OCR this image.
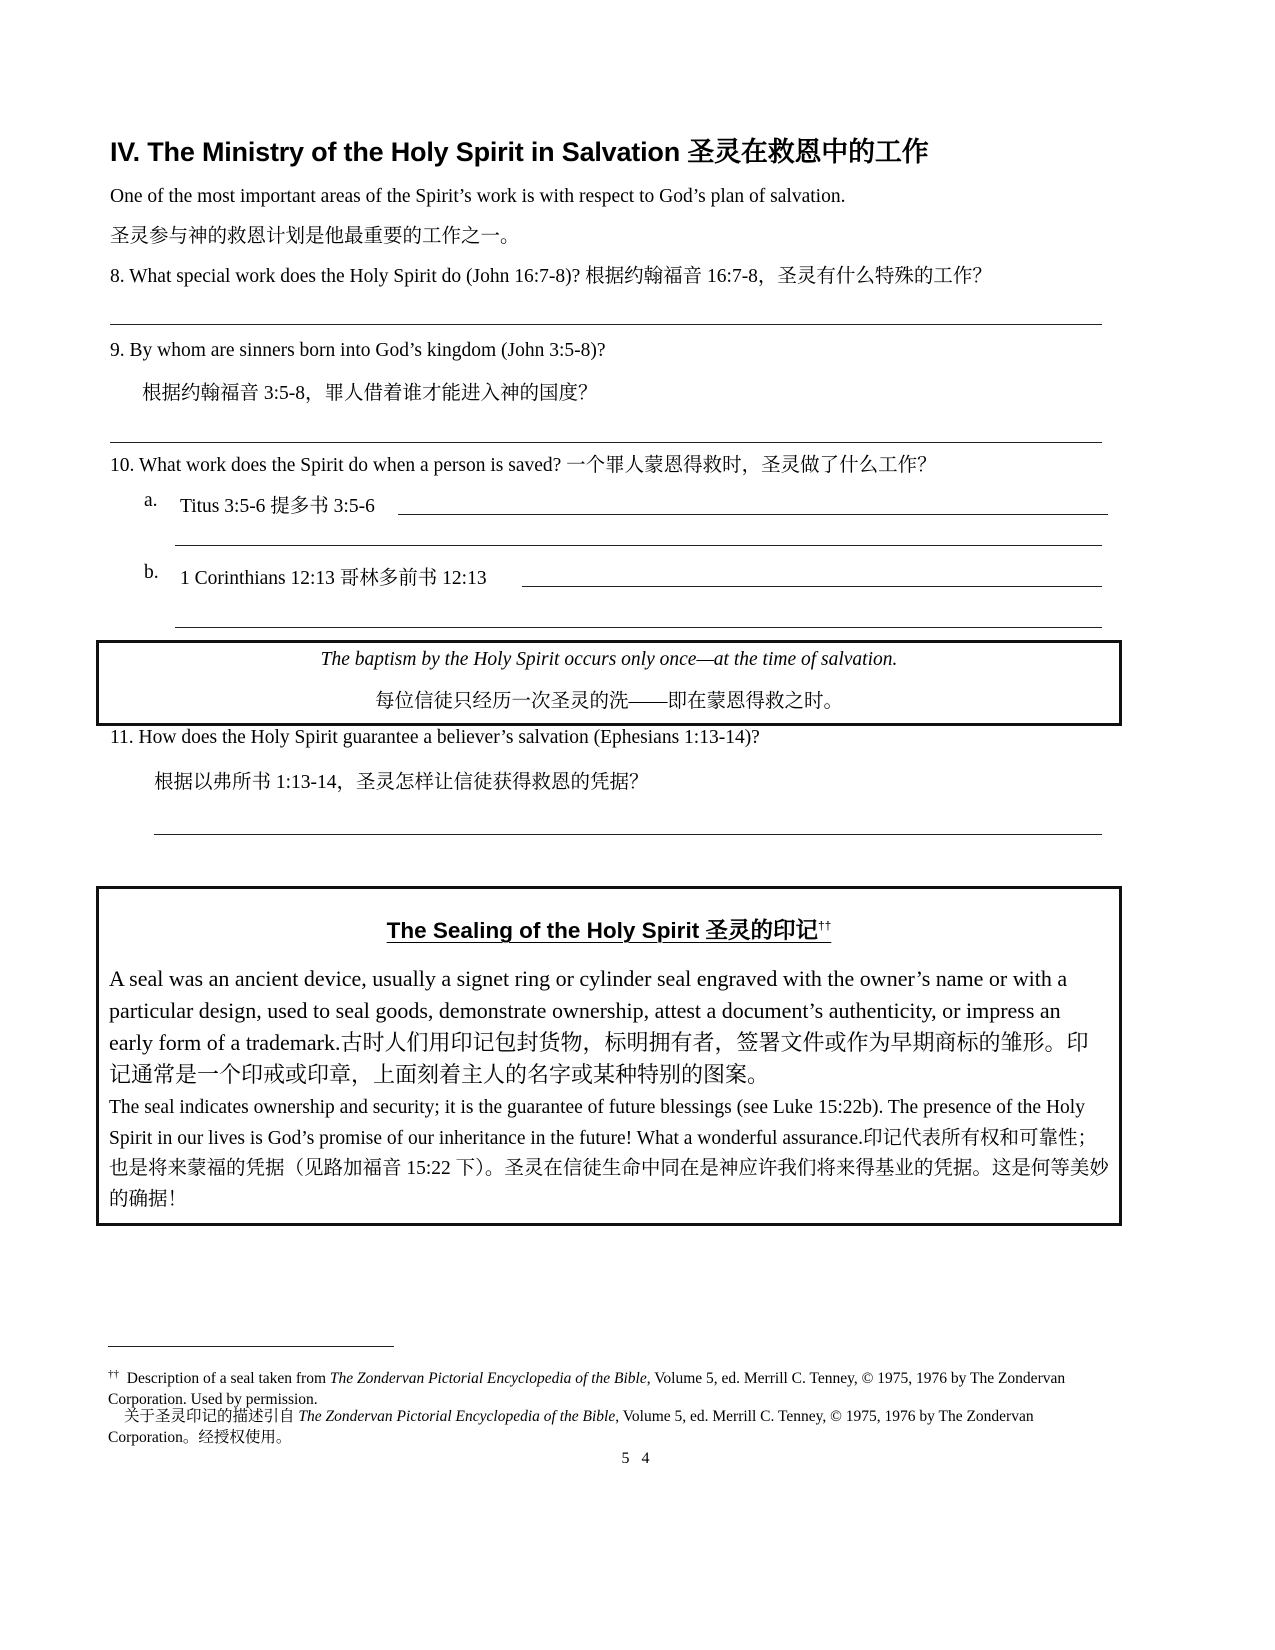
IV. The Ministry of the Holy Spirit in Salvation 圣灵在救恩中的工作
One of the most important areas of the Spirit’s work is with respect to God’s plan of salvation.
圣灵参与神的救恩计划是他最重要的工作之一。
8. What special work does the Holy Spirit do (John 16:7-8)? 根据约翰福音 16:7-8，圣灵有什么特殊的工作？
9. By whom are sinners born into God’s kingdom (John 3:5-8)?
根据约翰福音 3:5-8，罪人借着谁才能进入神的国度？
10. What work does the Spirit do when a person is saved? 一个罪人蒙恩得救时，圣灵做了什么工作？
a. Titus 3:5-6 提多书 3:5-6
b. 1 Corinthians 12:13 哥林多前书 12:13
The baptism by the Holy Spirit occurs only once—at the time of salvation.
每位信徒只经历一次圣灵的洗——即在蒙恩得救之时。
11. How does the Holy Spirit guarantee a believer’s salvation (Ephesians 1:13-14)?
根据以弗所书 1:13-14，圣灵怎样让信徒获得救恩的凭据？
The Sealing of the Holy Spirit 圣灵的印记††
A seal was an ancient device, usually a signet ring or cylinder seal engraved with the owner’s name or with a particular design, used to seal goods, demonstrate ownership, attest a document’s authenticity, or impress an early form of a trademark.古时人们用印记包封货物，标明拥有者，签署文件或作为早期商标的雏形。印记通常是一个印戒或印章，上面刻着主人的名字或某种特别的图案。
The seal indicates ownership and security; it is the guarantee of future blessings (see Luke 15:22b). The presence of the Holy Spirit in our lives is God’s promise of our inheritance in the future! What a wonderful assurance.印记代表所有权和可靠性；也是将来蒙福的凭据（见路加福音 15:22 下）。圣灵在信徒生命中同在是神应许我们将来得基业的凭据。这是何等美妙的确据！
†† Description of a seal taken from The Zondervan Pictorial Encyclopedia of the Bible, Volume 5, ed. Merrill C. Tenney, © 1975, 1976 by The Zondervan Corporation. Used by permission.
关于圣灵印记的描述引自 The Zondervan Pictorial Encyclopedia of the Bible, Volume 5, ed. Merrill C. Tenney, © 1975, 1976 by The Zondervan Corporation。经授权使用。
5 4
